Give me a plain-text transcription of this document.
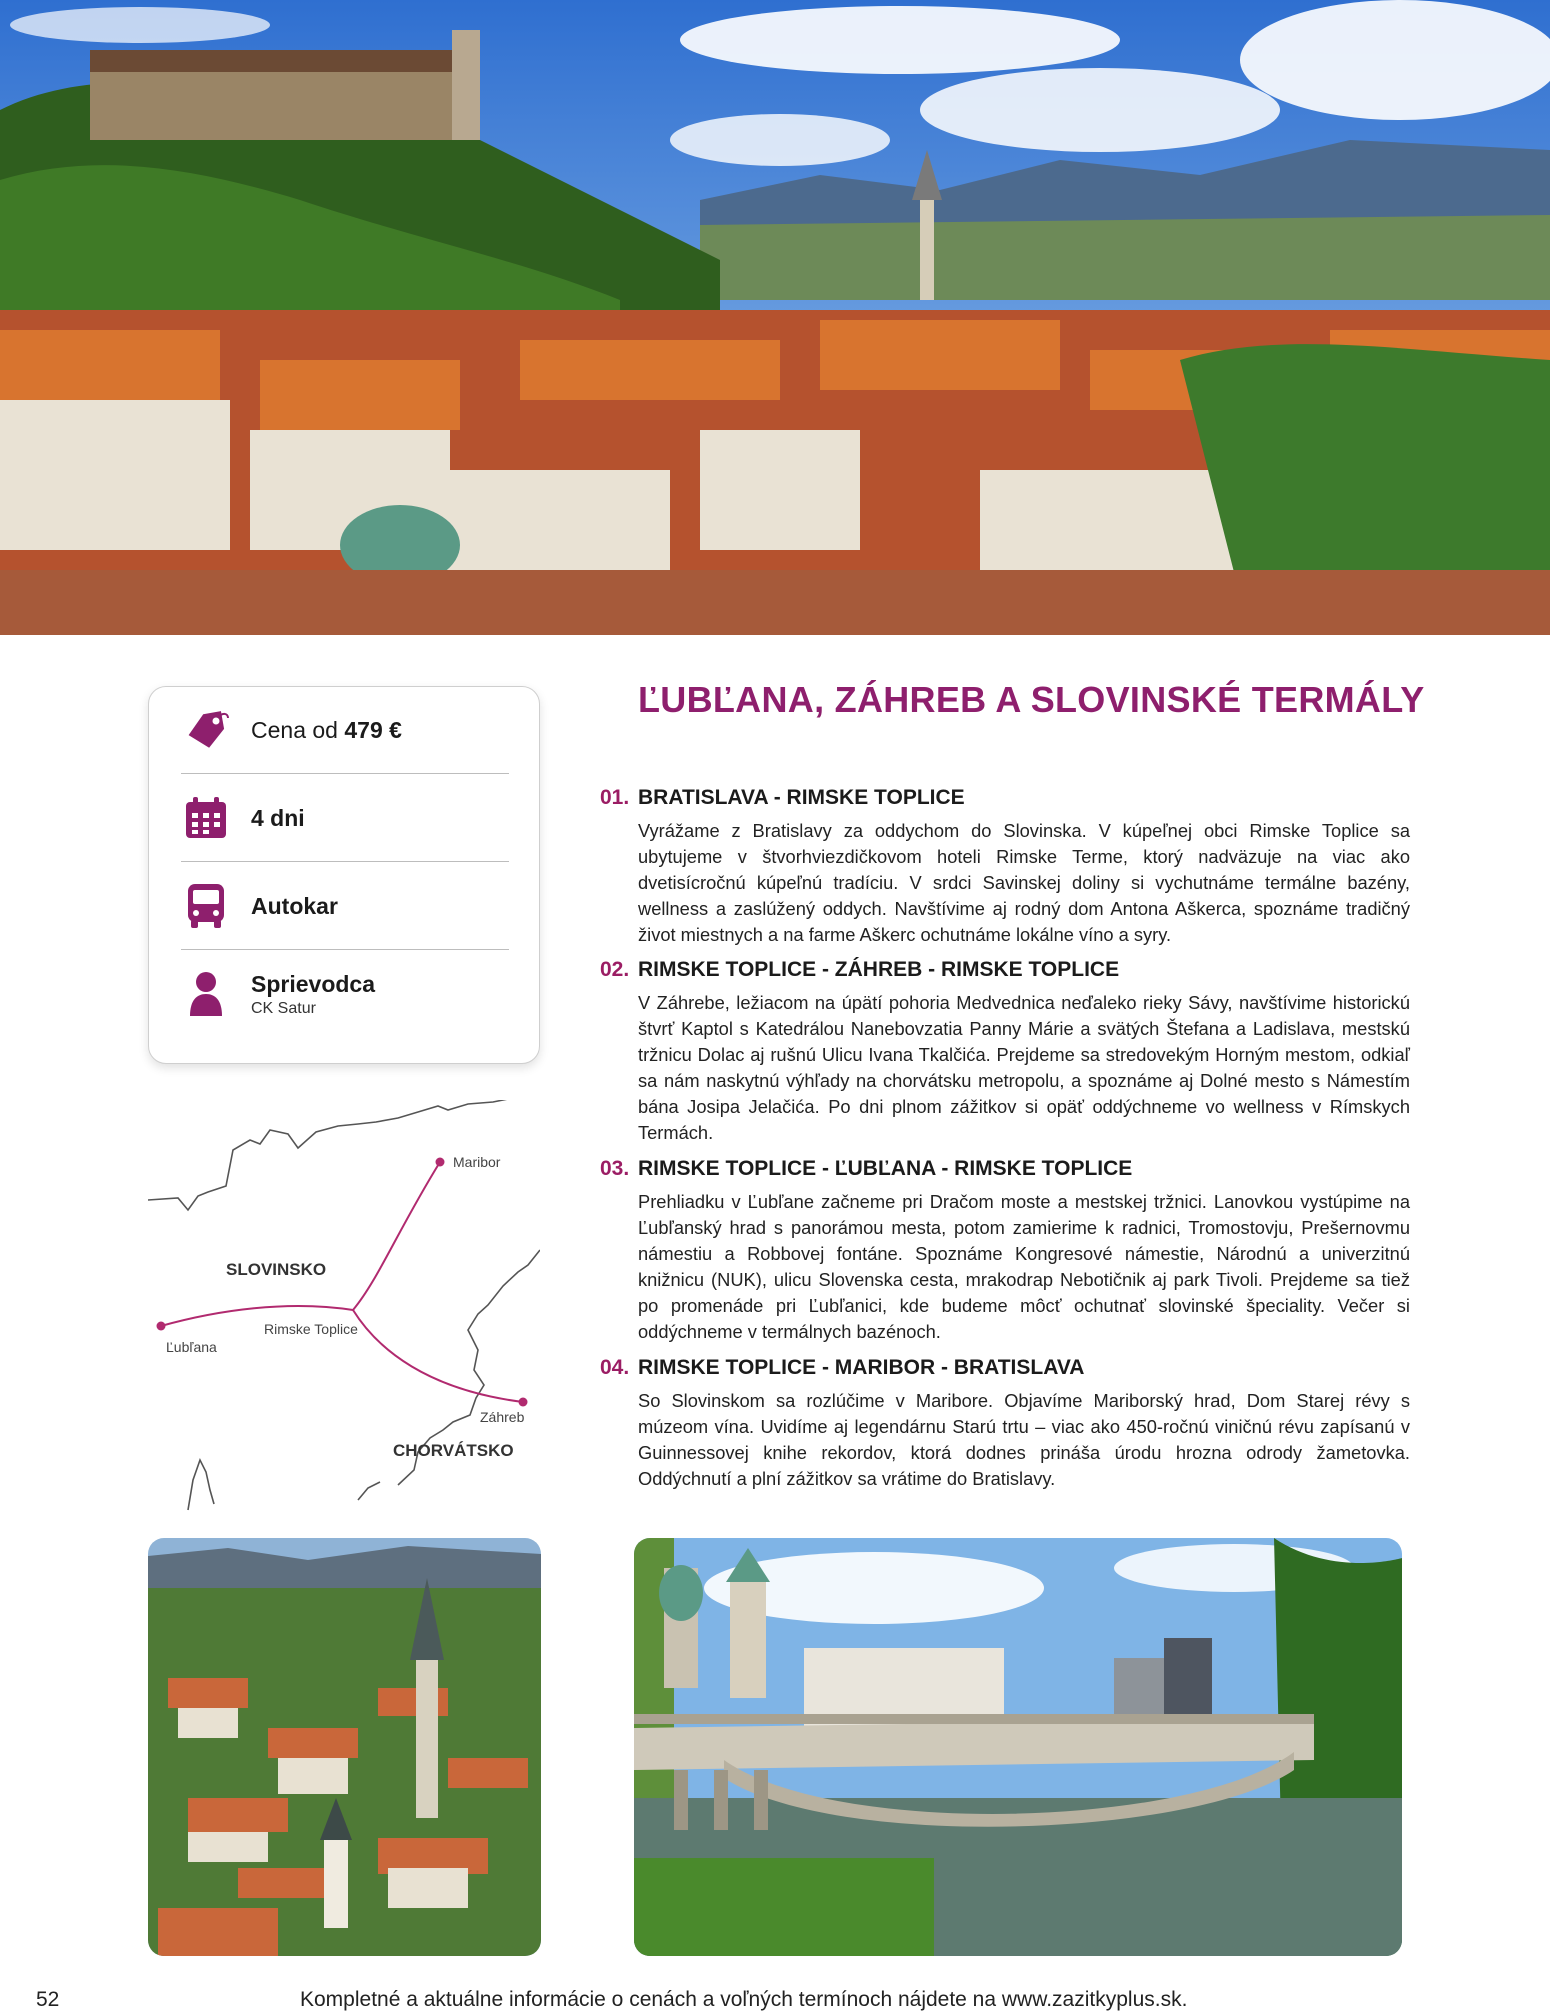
Cena od 479 €
4 dni
Autokar
Sprievodca
CK Satur
Maribor
SLOVINSKO
Rimske Toplice
Ľubľana
Záhreb
CHORVÁTSKO
ĽUBĽANA, ZÁHREB A SLOVINSKÉ TERMÁLY
01. BRATISLAVA - RIMSKE TOPLICE
Vyrážame z Bratislavy za oddychom do Slovinska. V kúpeľnej obci Rimske Toplice sa ubytujeme v štvorhviezdičkovom hoteli Rimske Terme, ktorý nadväzuje na viac ako dvetisícročnú kúpeľnú tradíciu. V srdci Savinskej doliny si vychutnáme termálne bazény, wellness a zaslúžený oddych. Navštívime aj rodný dom Antona Aškerca, spoznáme tradičný život miestnych a na farme Aškerc ochutnáme lokálne víno a syry.
02. RIMSKE TOPLICE - ZÁHREB - RIMSKE TOPLICE
V Záhrebe, ležiacom na úpätí pohoria Medvednica neďaleko rieky Sávy, navštívime historickú štvrť Kaptol s Katedrálou Nanebovzatia Panny Márie a svätých Štefana a Ladislava, mestskú tržnicu Dolac aj rušnú Ulicu Ivana Tkalčića. Prejdeme sa stredovekým Horným mestom, odkiaľ sa nám naskytnú výhľady na chorvátsku metropolu, a spoznáme aj Dolné mesto s Námestím bána Josipa Jelačića. Po dni plnom zážitkov si opäť oddýchneme vo wellness v Rímskych Termách.
03. RIMSKE TOPLICE - ĽUBĽANA - RIMSKE TOPLICE
Prehliadku v Ľubľane začneme pri Dračom moste a mestskej tržnici. Lanovkou vystúpime na Ľubľanský hrad s panorámou mesta, potom zamierime k radnici, Tromostovju, Prešernovmu námestiu a Robbovej fontáne. Spoznáme Kongresové námestie, Národnú a univerzitnú knižnicu (NUK), ulicu Slovenska cesta, mrakodrap Nebotičnik aj park Tivoli. Prejdeme sa tiež po promenáde pri Ľubľanici, kde budeme môcť ochutnať slovinské špeciality. Večer si oddýchneme v termálnych bazénoch.
04. RIMSKE TOPLICE - MARIBOR - BRATISLAVA
So Slovinskom sa rozlúčime v Maribore. Objavíme Mariborský hrad, Dom Starej révy s múzeom vína. Uvidíme aj legendárnu Starú trtu – viac ako 450-ročnú viničnú révu zapísanú v Guinnessovej knihe rekordov, ktorá dodnes prináša úrodu hrozna odrody žametovka. Oddýchnutí a plní zážitkov sa vrátime do Bratislavy.
52	Kompletné a aktuálne informácie o cenách a voľných termínoch nájdete na www.zazitkyplus.sk.
